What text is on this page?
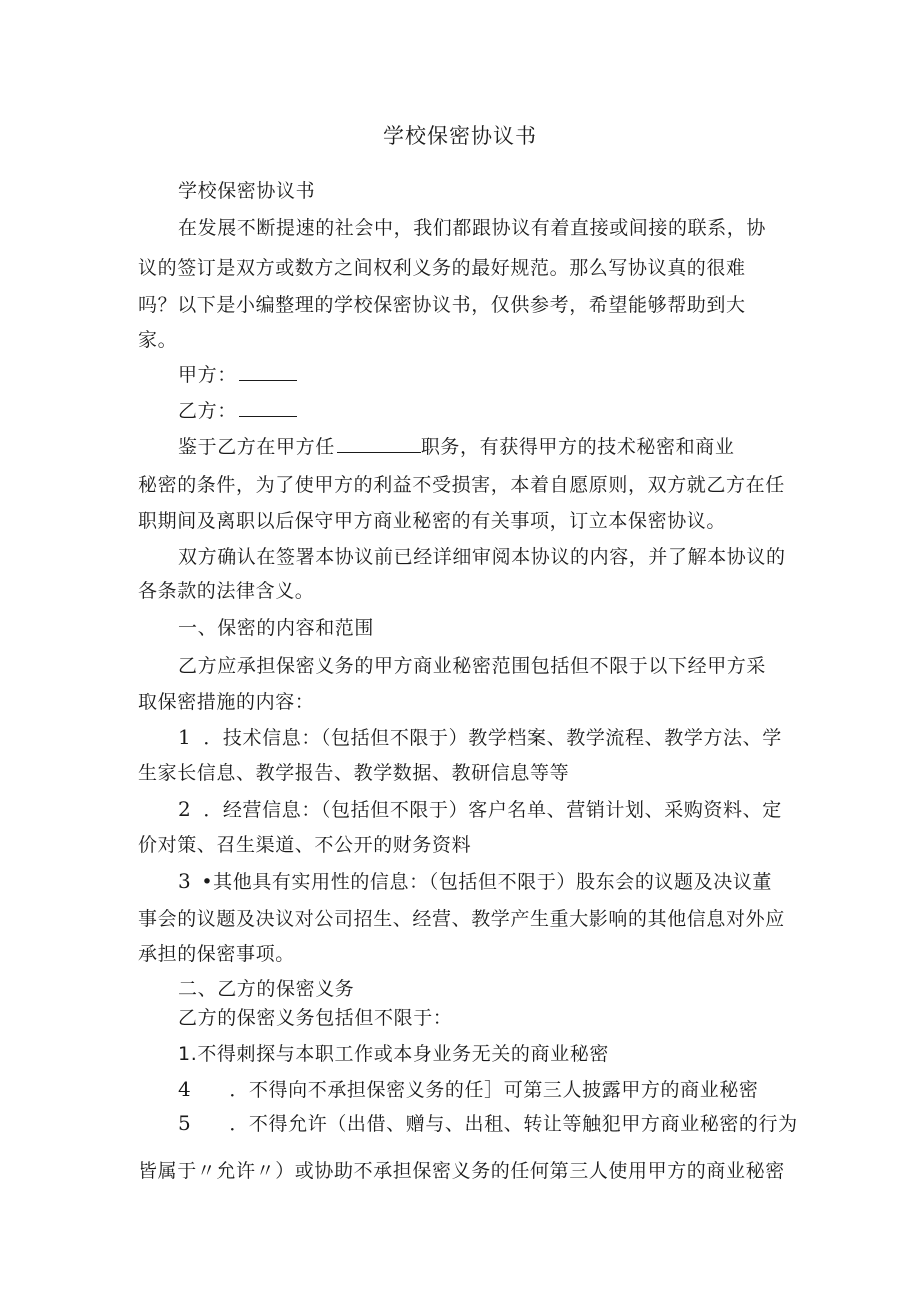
学校保密协议书
学校保密协议书
在发展不断提速的社会中，我们都跟协议有着直接或间接的联系，协
议的签订是双方或数方之间权利义务的最好规范。那么写协议真的很难
吗？以下是小编整理的学校保密协议书，仅供参考，希望能够帮助到大
家。
甲方：
乙方：
鉴于乙方在甲方任	职务，有获得甲方的技术秘密和商业
秘密的条件，为了使甲方的利益不受损害，本着自愿原则，双方就乙方在任
职期间及离职以后保守甲方商业秘密的有关事项，订立本保密协议。
双方确认在签署本协议前已经详细审阅本协议的内容，并了解本协议的
各条款的法律含义。
一、保密的内容和范围
乙方应承担保密义务的甲方商业秘密范围包括但不限于以下经甲方采
取保密措施的内容：
1 ．技术信息：（包括但不限于）教学档案、教学流程、教学方法、学
生家长信息、教学报告、教学数据、教研信息等等
2 ．经营信息：（包括但不限于）客户名单、营销计划、采购资料、定
价对策、召生渠道、不公开的财务资料
3 •其他具有实用性的信息：（包括但不限于）股东会的议题及决议董
事会的议题及决议对公司招生、经营、教学产生重大影响的其他信息对外应
承担的保密事项。
二、乙方的保密义务
乙方的保密义务包括但不限于：
1.不得刺探与本职工作或本身业务无关的商业秘密
4 ．不得向不承担保密义务的任］可第三人披露甲方的商业秘密
5 ．不得允许（出借、赠与、出租、转让等触犯甲方商业秘密的行为
皆属于〃允许〃）或协助不承担保密义务的任何第三人使用甲方的商业秘密
